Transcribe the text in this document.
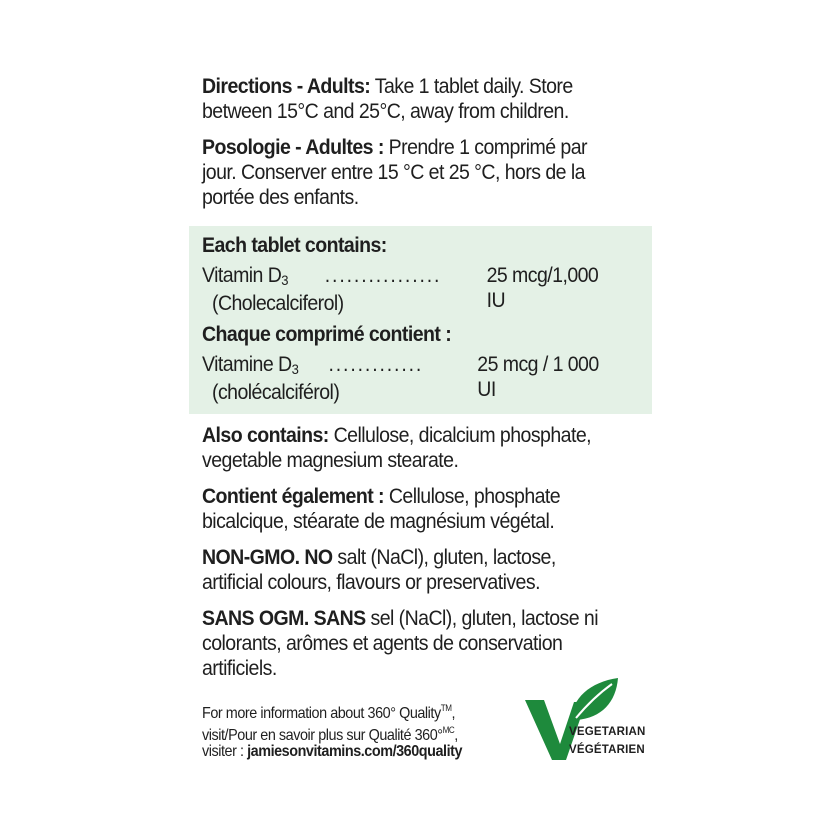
Directions - Adults: Take 1 tablet daily. Store between 15°C and 25°C, away from children.

Posologie - Adultes : Prendre 1 comprimé par jour. Conserver entre 15 °C et 25 °C, hors de la portée des enfants.

Each tablet contains:
Vitamin $D_3$ ................ 25 mcg/1,000 IU
(Cholecalciferol)
Chaque comprimé contient :
Vitamine $D_3$ .............	25 mcg / 1 000 UI
(cholécalciférol)

Also contains: Cellulose, dicalcium phosphate, vegetable magnesium stearate.

Contient également : Cellulose, phosphate bicalcique, stéarate de magnésium végétal.

NON-GMO. NO salt (NaCl), gluten, lactose, artificial colours, flavours or preservatives.

SANS OGM. SANS sel (NaCl), gluten, lactose ni colorants, arômes et agents de conservation artificiels.

For more information about 360° Quality™,
visit/Pour en savoir plus sur Qualité 360°$^{MC}$,
visiter : jamiesonvitamins.com/360quality
VEGETARIAN
VÉGÉTARIEN
